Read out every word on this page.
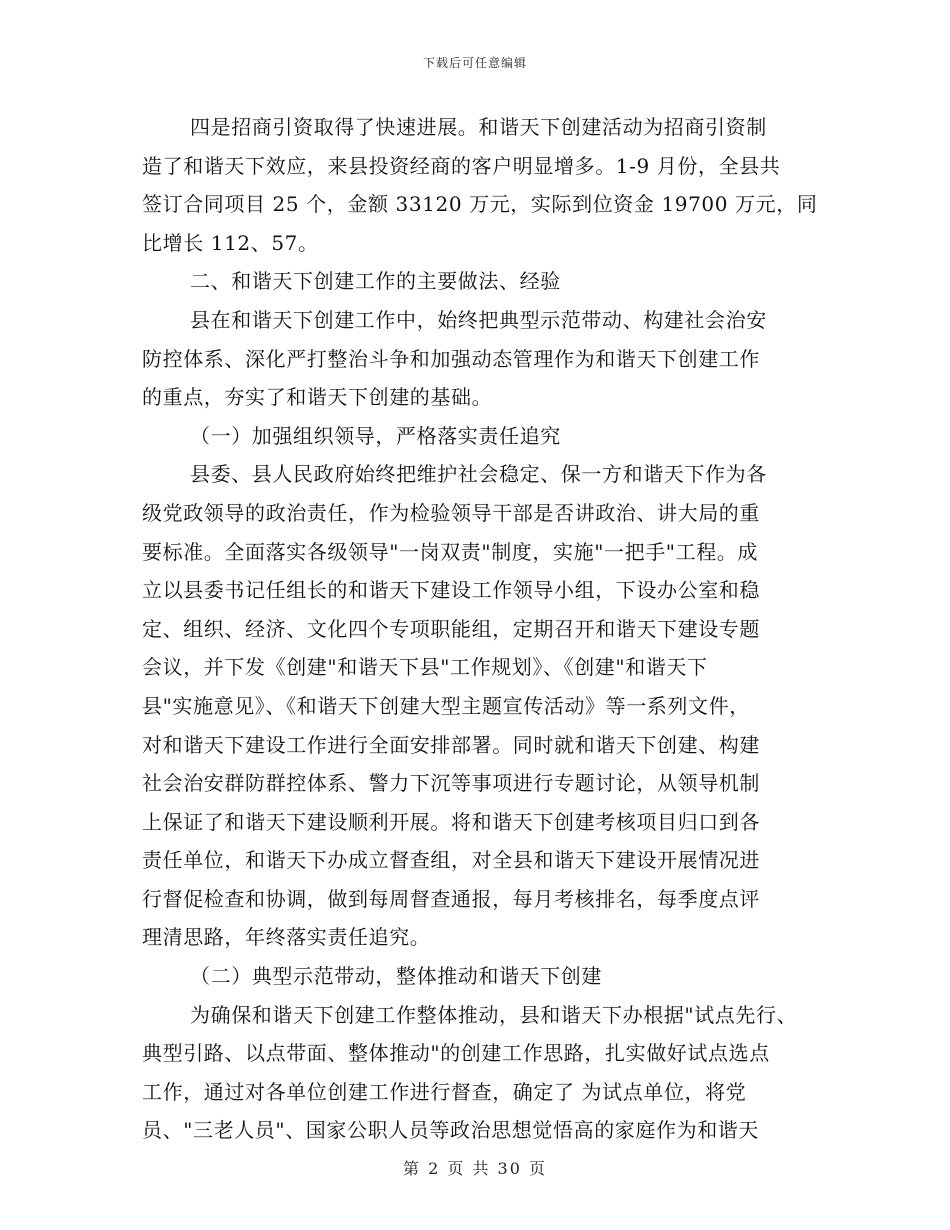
下载后可任意编辑
四是招商引资取得了快速进展。和谐天下创建活动为招商引资制
造了和谐天下效应，来县投资经商的客户明显增多。1-9 月份，全县共
签订合同项目 25 个，金额 33120 万元，实际到位资金 19700 万元，同
比增长 112、57。
二、和谐天下创建工作的主要做法、经验
县在和谐天下创建工作中，始终把典型示范带动、构建社会治安
防控体系、深化严打整治斗争和加强动态管理作为和谐天下创建工作
的重点，夯实了和谐天下创建的基础。
（一）加强组织领导，严格落实责任追究
县委、县人民政府始终把维护社会稳定、保一方和谐天下作为各
级党政领导的政治责任，作为检验领导干部是否讲政治、讲大局的重
要标准。全面落实各级领导"一岗双责"制度，实施"一把手"工程。成
立以县委书记任组长的和谐天下建设工作领导小组，下设办公室和稳
定、组织、经济、文化四个专项职能组，定期召开和谐天下建设专题
会议，并下发《创建"和谐天下县"工作规划》、《创建"和谐天下
县"实施意见》、《和谐天下创建大型主题宣传活动》等一系列文件，
对和谐天下建设工作进行全面安排部署。同时就和谐天下创建、构建
社会治安群防群控体系、警力下沉等事项进行专题讨论，从领导机制
上保证了和谐天下建设顺利开展。将和谐天下创建考核项目归口到各
责任单位，和谐天下办成立督查组，对全县和谐天下建设开展情况进
行督促检查和协调，做到每周督查通报，每月考核排名，每季度点评
理清思路，年终落实责任追究。
（二）典型示范带动，整体推动和谐天下创建
为确保和谐天下创建工作整体推动，县和谐天下办根据"试点先行、
典型引路、以点带面、整体推动"的创建工作思路，扎实做好试点选点
工作，通过对各单位创建工作进行督查，确定了 为试点单位，将党
员、"三老人员"、国家公职人员等政治思想觉悟高的家庭作为和谐天
第 2 页 共 30 页
